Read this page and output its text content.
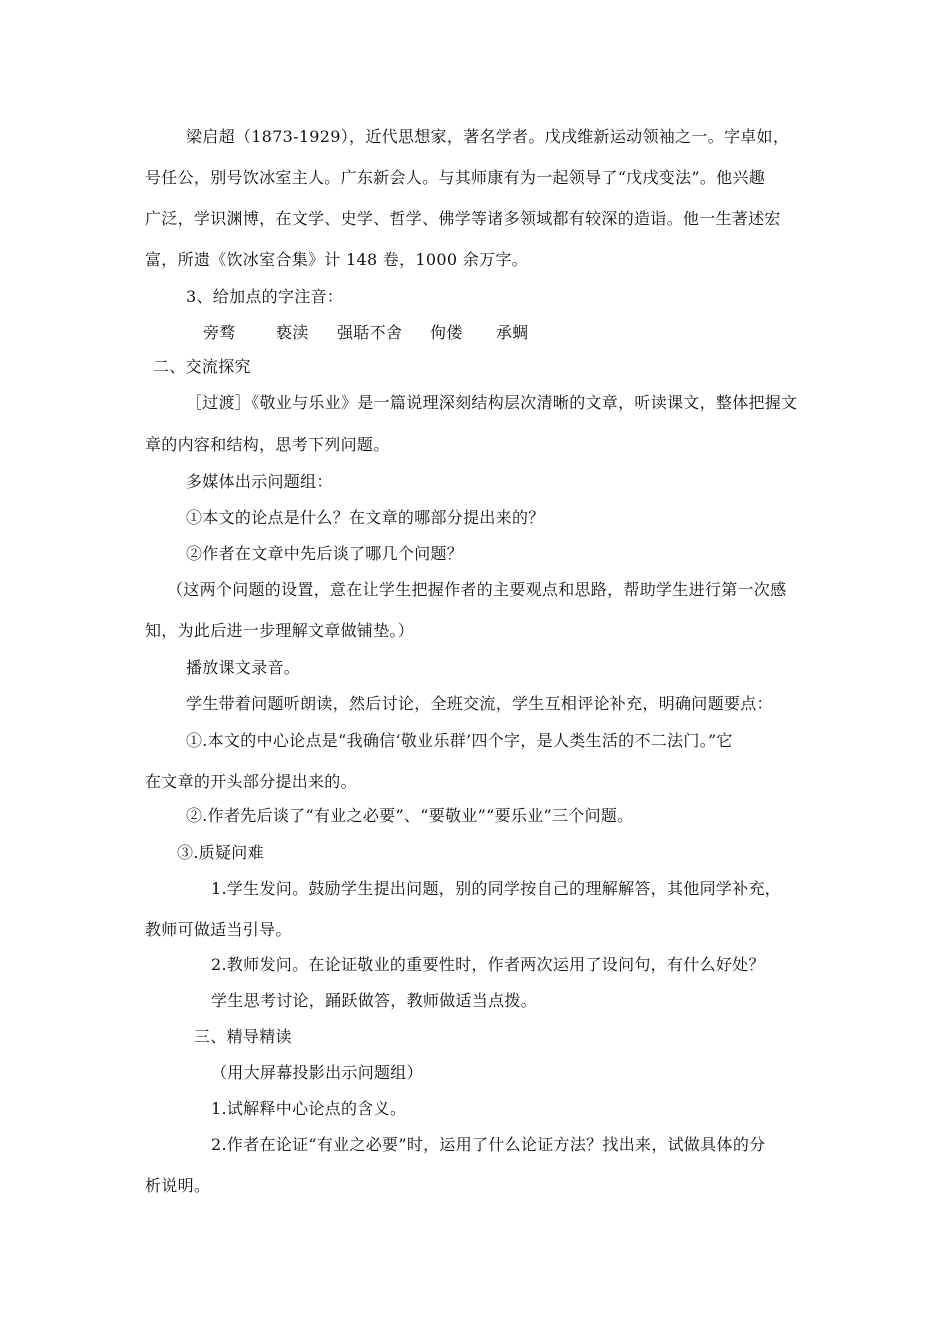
梁启超（1873-1929），近代思想家，著名学者。戊戌维新运动领袖之一。字卓如，

号任公，别号饮冰室主人。广东新会人。与其师康有为一起领导了“戊戌变法”。他兴趣

广泛，学识渊博，在文学、史学、哲学、佛学等诸多领域都有较深的造诣。他一生著述宏

富，所遗《饮冰室合集》计 148 卷，1000 余万字。

3、给加点的字注音：

旁骛	亵渎 强聒不舍 佝偻 承蜩

二、交流探究

［过渡］《敬业与乐业》是一篇说理深刻结构层次清晰的文章，听读课文，整体把握文

章的内容和结构，思考下列问题。

多媒体出示问题组：

①本文的论点是什么？在文章的哪部分提出来的？

②作者在文章中先后谈了哪几个问题？

（这两个问题的设置，意在让学生把握作者的主要观点和思路，帮助学生进行第一次感

知，为此后进一步理解文章做铺垫。）

播放课文录音。

学生带着问题听朗读，然后讨论，全班交流，学生互相评论补充，明确问题要点：

①.本文的中心论点是“我确信‘敬业乐群’四个字，是人类生活的不二法门。”它

在文章的开头部分提出来的。

②.作者先后谈了“有业之必要”、“要敬业”“要乐业”三个问题。

③.质疑问难

1.学生发问。鼓励学生提出问题，别的同学按自己的理解解答，其他同学补充，

教师可做适当引导。

2.教师发问。在论证敬业的重要性时，作者两次运用了设问句，有什么好处？

学生思考讨论，踊跃做答，教师做适当点拨。

三、精导精读

（用大屏幕投影出示问题组）

1.试解释中心论点的含义。

2.作者在论证“有业之必要”时，运用了什么论证方法？找出来，试做具体的分

析说明。
